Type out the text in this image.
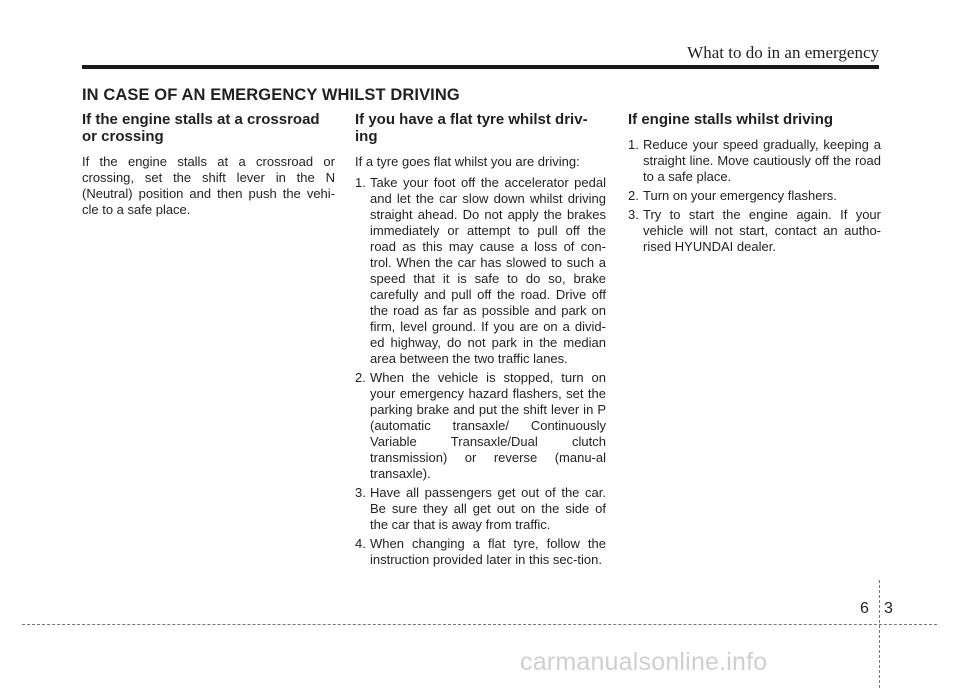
What to do in an emergency
IN CASE OF AN EMERGENCY WHILST DRIVING
If the engine stalls at a crossroad or crossing

If the engine stalls at a crossroad or crossing, set the shift lever in the N (Neutral) position and then push the vehi-cle to a safe place.

If you have a flat tyre whilst driv-ing

If a tyre goes flat whilst you are driving:

1. Take your foot off the accelerator pedal and let the car slow down whilst driving straight ahead. Do not apply the brakes immediately or attempt to pull off the road as this may cause a loss of con-trol. When the car has slowed to such a speed that it is safe to do so, brake carefully and pull off the road. Drive off the road as far as possible and park on firm, level ground. If you are on a divid-ed highway, do not park in the median area between the two traffic lanes.
2. When the vehicle is stopped, turn on your emergency hazard flashers, set the parking brake and put the shift lever in P (automatic transaxle/ Continuously Variable Transaxle/Dual clutch transmission) or reverse (manu-al transaxle).
3. Have all passengers get out of the car. Be sure they all get out on the side of the car that is away from traffic.
4. When changing a flat tyre, follow the instruction provided later in this sec-tion.
If engine stalls whilst driving
1. Reduce your speed gradually, keeping a straight line. Move cautiously off the road to a safe place.
2. Turn on your emergency flashers.
3. Try to start the engine again. If your vehicle will not start, contact an autho-rised HYUNDAI dealer.
6 3
carmanualsonline.info
